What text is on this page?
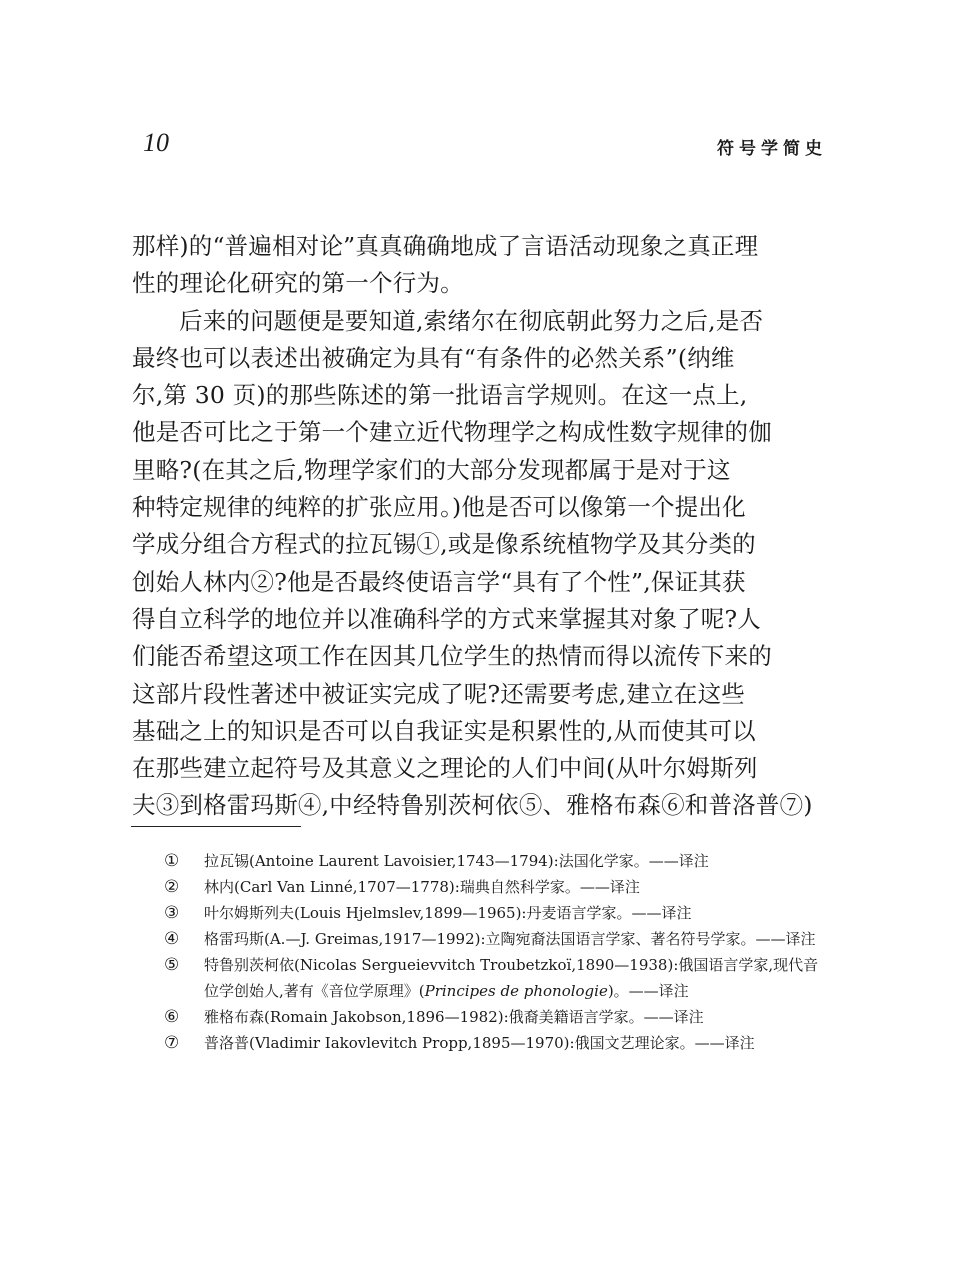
10	符号学简史
那样)的“普遍相对论”真真确确地成了言语活动现象之真正理
性的理论化研究的第一个行为。
后来的问题便是要知道,索绪尔在彻底朝此努力之后,是否
最终也可以表述出被确定为具有“有条件的必然关系”(纳维
尔,第 30 页)的那些陈述的第一批语言学规则。在这一点上,
他是否可比之于第一个建立近代物理学之构成性数字规律的伽
里略?(在其之后,物理学家们的大部分发现都属于是对于这
种特定规律的纯粹的扩张应用。)他是否可以像第一个提出化
学成分组合方程式的拉瓦锡①,或是像系统植物学及其分类的
创始人林内②?他是否最终使语言学“具有了个性”,保证其获
得自立科学的地位并以准确科学的方式来掌握其对象了呢?人
们能否希望这项工作在因其几位学生的热情而得以流传下来的
这部片段性著述中被证实完成了呢?还需要考虑,建立在这些
基础之上的知识是否可以自我证实是积累性的,从而使其可以
在那些建立起符号及其意义之理论的人们中间(从叶尔姆斯列
夫③到格雷玛斯④,中经特鲁别茨柯依⑤、雅格布森⑥和普洛普⑦)
①	拉瓦锡(Antoine Laurent Lavoisier,1743—1794):法国化学家。——译注
②	林内(Carl Van Linné,1707—1778):瑞典自然科学家。——译注
③	叶尔姆斯列夫(Louis Hjelmslev,1899—1965):丹麦语言学家。——译注
④	格雷玛斯(A.—J. Greimas,1917—1992):立陶宛裔法国语言学家、著名符号学家。——译注
⑤	特鲁别茨柯依(Nicolas Sergueievvitch Troubetzkoï,1890—1938):俄国语言学家,现代音位学创始人,著有《音位学原理》(Principes de phonologie)。——译注
⑥	雅格布森(Romain Jakobson,1896—1982):俄裔美籍语言学家。——译注
⑦	普洛普(Vladimir Iakovlevitch Propp,1895—1970):俄国文艺理论家。——译注
